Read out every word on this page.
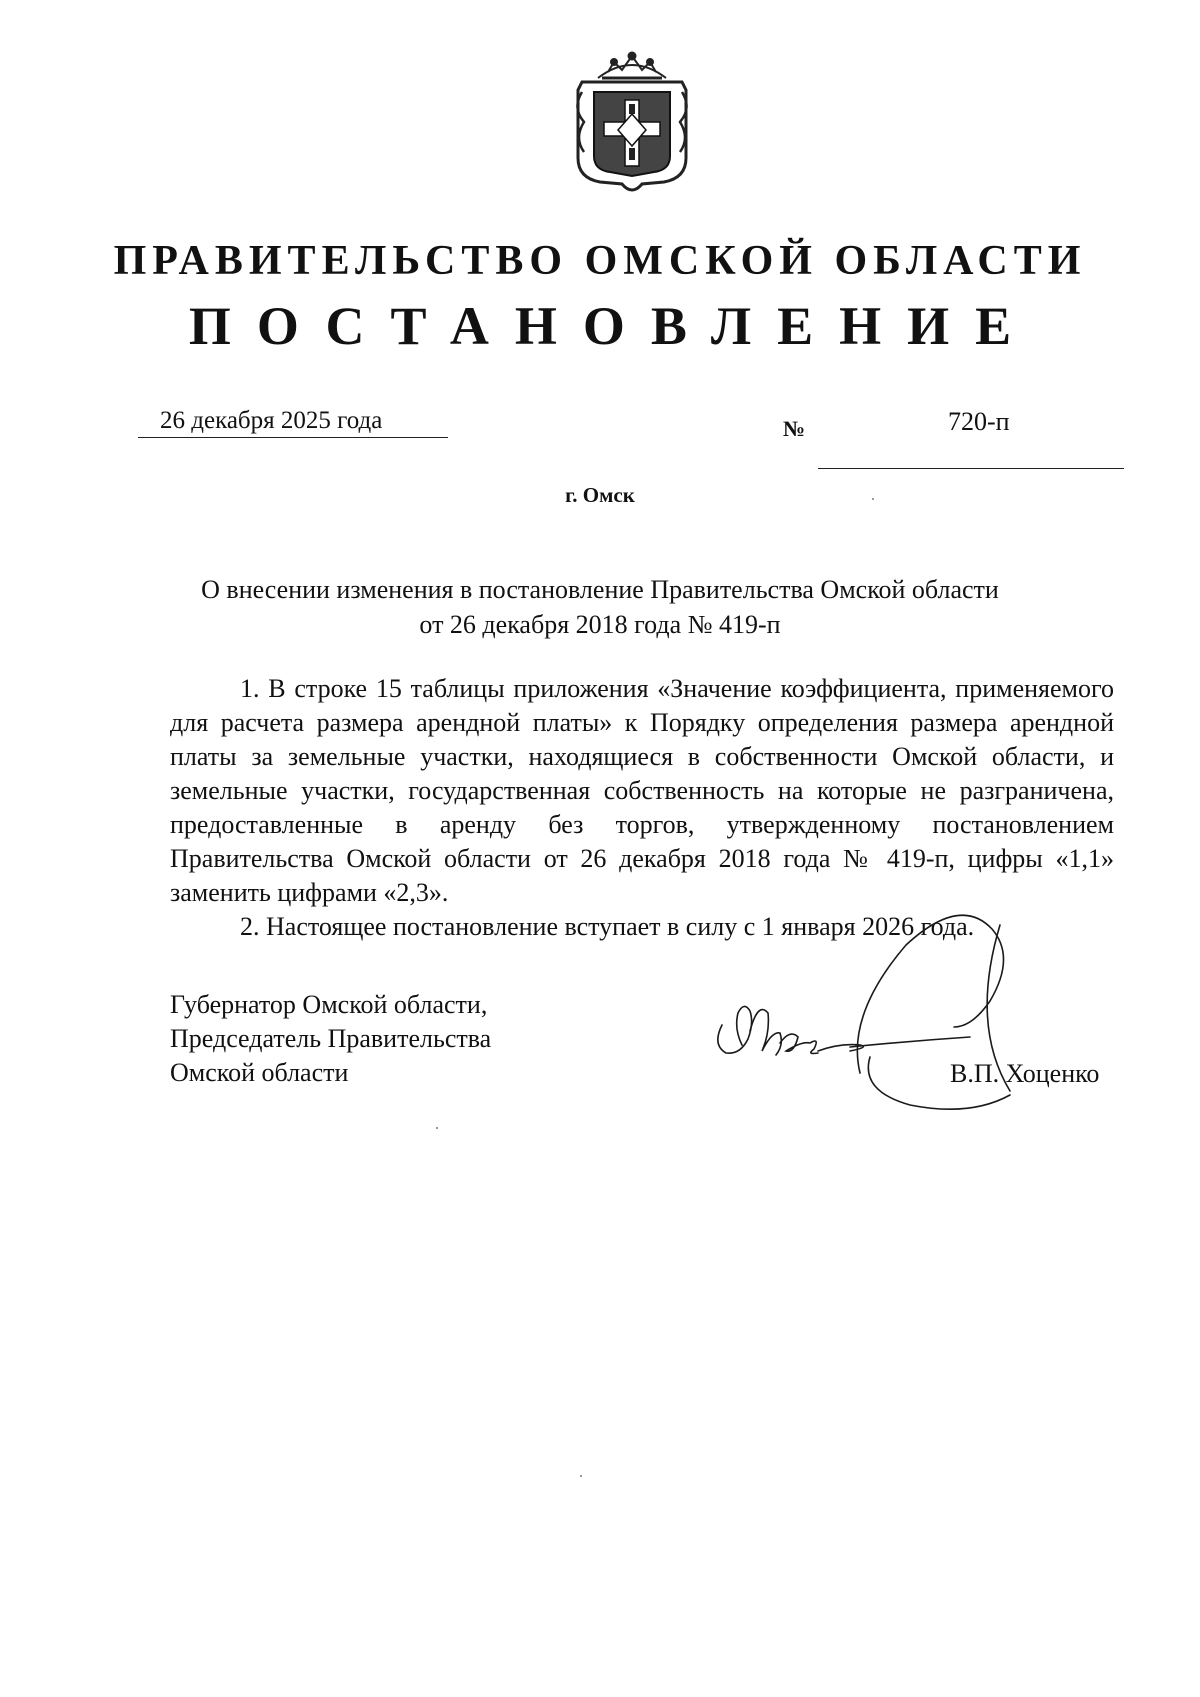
ПРАВИТЕЛЬСТВО ОМСКОЙ ОБЛАСТИ
ПОСТАНОВЛЕНИЕ
26 декабря 2025 года	№	720-п
г. Омск
О внесении изменения в постановление Правительства Омской области
от 26 декабря 2018 года № 419-п

1. В строке 15 таблицы приложения «Значение коэффициента, применяемого для расчета размера арендной платы» к Порядку определения размера арендной платы за земельные участки, находящиеся в собственности Омской области, и земельные участки, государственная собственность на которые не разграничена, предоставленные в аренду без торгов, утвержденному постановлением Правительства Омской области от 26 декабря 2018 года № 419-п, цифры «1,1» заменить цифрами «2,3».

2. Настоящее постановление вступает в силу с 1 января 2026 года.

Губернатор Омской области,
Председатель Правительства
Омской области	В.П. Хоценко
